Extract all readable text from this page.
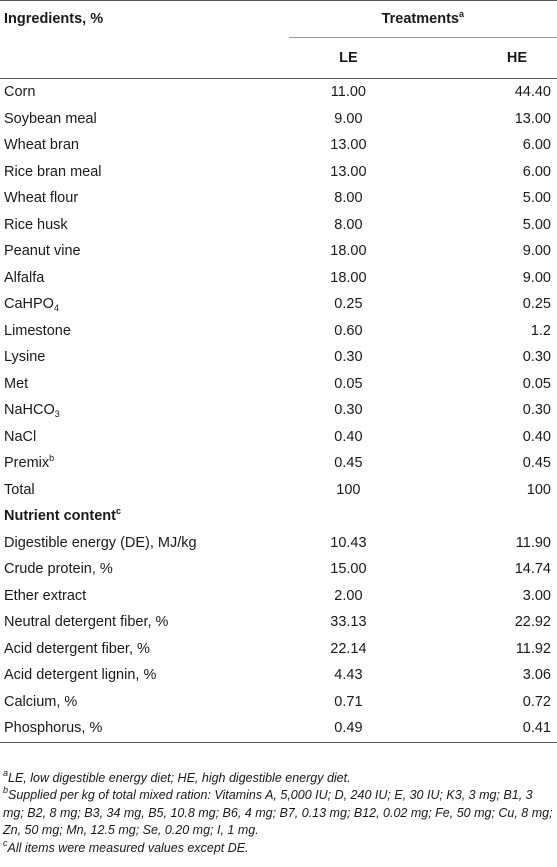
Ingredients, %	Treatments$^a$
	LE	HE
Corn	11.00	44.40
Soybean meal	9.00	13.00
Wheat bran	13.00	6.00
Rice bran meal	13.00	6.00
Wheat flour	8.00	5.00
Rice husk	8.00	5.00
Peanut vine	18.00	9.00
Alfalfa	18.00	9.00
CaHPO$_4$	0.25	0.25
Limestone	0.60	1.2
Lysine	0.30	0.30
Met	0.05	0.05
NaHCO$_3$	0.30	0.30
NaCl	0.40	0.40
Premix$^b$	0.45	0.45
Total	100	100
Nutrient content$^c$		
Digestible energy (DE), MJ/kg	10.43	11.90
Crude protein, %	15.00	14.74
Ether extract	2.00	3.00
Neutral detergent fiber, %	33.13	22.92
Acid detergent fiber, %	22.14	11.92
Acid detergent lignin, %	4.43	3.06
Calcium, %	0.71	0.72
Phosphorus, %	0.49	0.41

$^a$LE, low digestible energy diet; HE, high digestible energy diet.

$^b$Supplied per kg of total mixed ration: Vitamins A, 5,000 IU; D, 240 IU; E, 30 IU; K3, 3 mg; B1, 3 mg; B2, 8 mg; B3, 34 mg, B5, 10.8 mg; B6, 4 mg; B7, 0.13 mg; B12, 0.02 mg; Fe, 50 mg; Cu, 8 mg; Zn, 50 mg; Mn, 12.5 mg; Se, 0.20 mg; I, 1 mg.

$^c$All items were measured values except DE.
